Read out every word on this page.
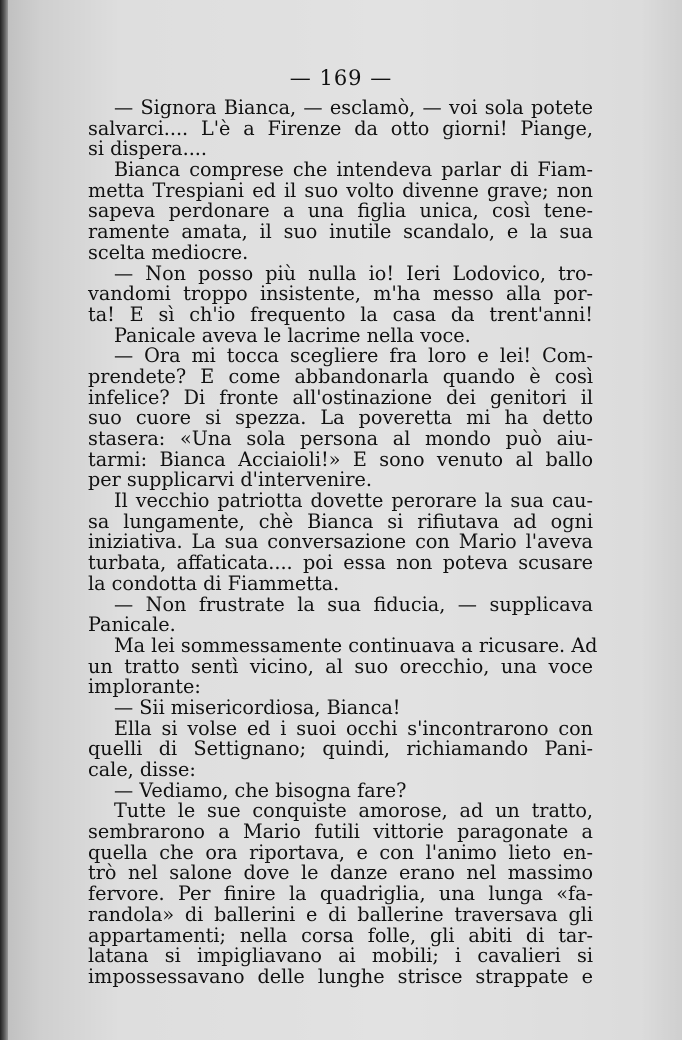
— 169 —
— Signora Bianca, — esclamò, — voi sola potete
salvarci.... L'è a Firenze da otto giorni! Piange,
si dispera....
Bianca comprese che intendeva parlar di Fiam-
metta Trespiani ed il suo volto divenne grave; non
sapeva perdonare a una figlia unica, così tene-
ramente amata, il suo inutile scandalo, e la sua
scelta mediocre.
— Non posso più nulla io! Ieri Lodovico, tro-
vandomi troppo insistente, m'ha messo alla por-
ta! E sì ch'io frequento la casa da trent'anni!
Panicale aveva le lacrime nella voce.
— Ora mi tocca scegliere fra loro e lei! Com-
prendete? E come abbandonarla quando è così
infelice? Di fronte all'ostinazione dei genitori il
suo cuore si spezza. La poveretta mi ha detto
stasera: «Una sola persona al mondo può aiu-
tarmi: Bianca Acciaioli!» E sono venuto al ballo
per supplicarvi d'intervenire.
Il vecchio patriotta dovette perorare la sua cau-
sa lungamente, chè Bianca si rifiutava ad ogni
iniziativa. La sua conversazione con Mario l'aveva
turbata, affaticata.... poi essa non poteva scusare
la condotta di Fiammetta.
— Non frustrate la sua fiducia, — supplicava
Panicale.
Ma lei sommessamente continuava a ricusare. Ad
un tratto sentì vicino, al suo orecchio, una voce
implorante:
— Sii misericordiosa, Bianca!
Ella si volse ed i suoi occhi s'incontrarono con
quelli di Settignano; quindi, richiamando Pani-
cale, disse:
— Vediamo, che bisogna fare?
Tutte le sue conquiste amorose, ad un tratto,
sembrarono a Mario futili vittorie paragonate a
quella che ora riportava, e con l'animo lieto en-
trò nel salone dove le danze erano nel massimo
fervore. Per finire la quadriglia, una lunga «fa-
randola» di ballerini e di ballerine traversava gli
appartamenti; nella corsa folle, gli abiti di tar-
latana si impigliavano ai mobili; i cavalieri si
impossessavano delle lunghe strisce strappate e
